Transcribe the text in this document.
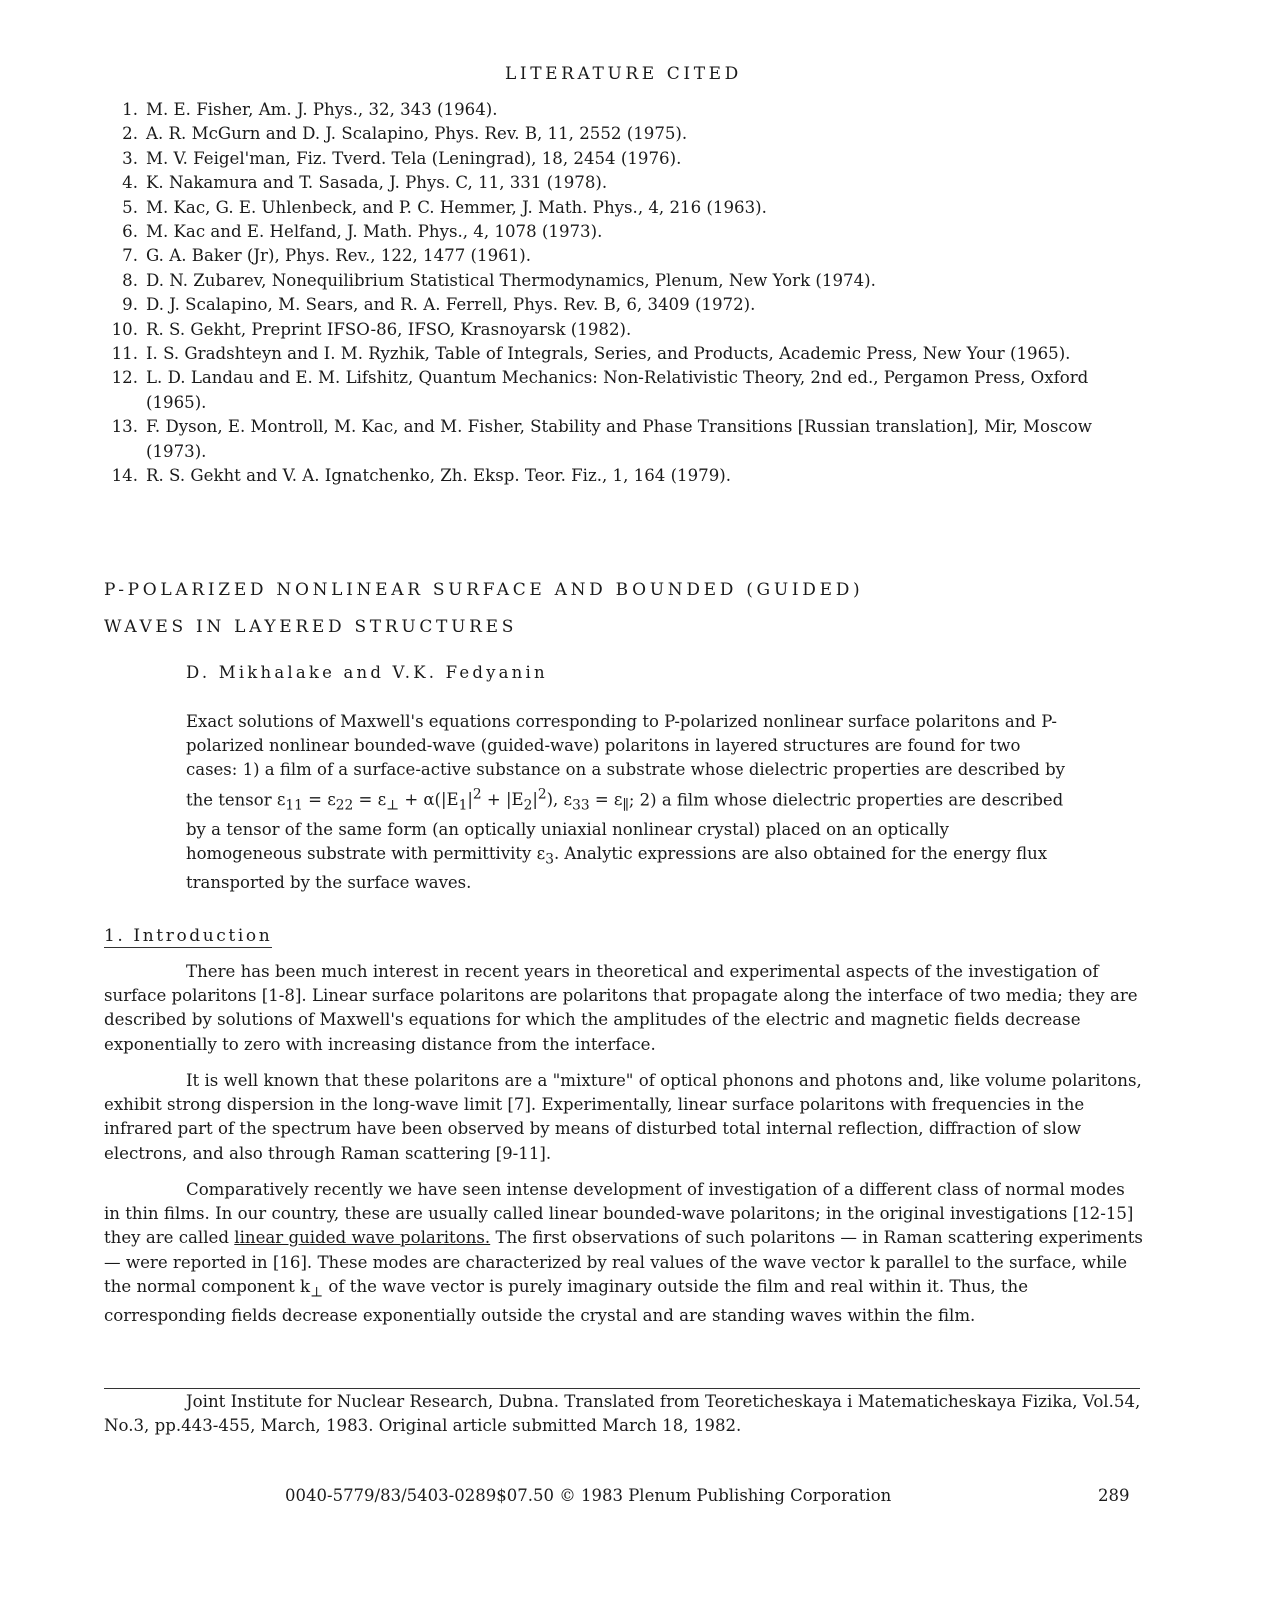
LITERATURE CITED
1. M. E. Fisher, Am. J. Phys., 32, 343 (1964).
2. A. R. McGurn and D. J. Scalapino, Phys. Rev. B, 11, 2552 (1975).
3. M. V. Feigel'man, Fiz. Tverd. Tela (Leningrad), 18, 2454 (1976).
4. K. Nakamura and T. Sasada, J. Phys. C, 11, 331 (1978).
5. M. Kac, G. E. Uhlenbeck, and P. C. Hemmer, J. Math. Phys., 4, 216 (1963).
6. M. Kac and E. Helfand, J. Math. Phys., 4, 1078 (1973).
7. G. A. Baker (Jr), Phys. Rev., 122, 1477 (1961).
8. D. N. Zubarev, Nonequilibrium Statistical Thermodynamics, Plenum, New York (1974).
9. D. J. Scalapino, M. Sears, and R. A. Ferrell, Phys. Rev. B, 6, 3409 (1972).
10. R. S. Gekht, Preprint IFSO-86, IFSO, Krasnoyarsk (1982).
11. I. S. Gradshteyn and I. M. Ryzhik, Table of Integrals, Series, and Products, Academic Press, New Your (1965).
12. L. D. Landau and E. M. Lifshitz, Quantum Mechanics: Non-Relativistic Theory, 2nd ed., Pergamon Press, Oxford (1965).
13. F. Dyson, E. Montroll, M. Kac, and M. Fisher, Stability and Phase Transitions [Russian translation], Mir, Moscow (1973).
14. R. S. Gekht and V. A. Ignatchenko, Zh. Eksp. Teor. Fiz., 1, 164 (1979).
P-POLARIZED NONLINEAR SURFACE AND BOUNDED (GUIDED)
WAVES IN LAYERED STRUCTURES
D. Mikhalake and V.K. Fedyanin

Exact solutions of Maxwell's equations corresponding to P-polarized nonlinear surface polaritons and P-polarized nonlinear bounded-wave (guided-wave) polaritons in layered structures are found for two cases: 1) a film of a surface-active substance on a substrate whose dielectric properties are described by the tensor $\varepsilon_{11} = \varepsilon_{22} = \varepsilon_\perp + \alpha(|E_1|^2 + |E_2|^2)$, $\varepsilon_{33} = \varepsilon_\parallel$; 2) a film whose dielectric properties are described by a tensor of the same form (an optically uniaxial nonlinear crystal) placed on an optically homogeneous substrate with permittivity $\varepsilon_3$. Analytic expressions are also obtained for the energy flux transported by the surface waves.

1. Introduction

There has been much interest in recent years in theoretical and experimental aspects of the investigation of surface polaritons [1-8]. Linear surface polaritons are polaritons that propagate along the interface of two media; they are described by solutions of Maxwell's equations for which the amplitudes of the electric and magnetic fields decrease exponentially to zero with increasing distance from the interface.

It is well known that these polaritons are a "mixture" of optical phonons and photons and, like volume polaritons, exhibit strong dispersion in the long-wave limit [7]. Experimentally, linear surface polaritons with frequencies in the infrared part of the spectrum have been observed by means of disturbed total internal reflection, diffraction of slow electrons, and also through Raman scattering [9-11].

Comparatively recently we have seen intense development of investigation of a different class of normal modes in thin films. In our country, these are usually called linear bounded-wave polaritons; in the original investigations [12-15] they are called linear guided wave polaritons. The first observations of such polaritons — in Raman scattering experiments — were reported in [16]. These modes are characterized by real values of the wave vector k parallel to the surface, while the normal component $k_\perp$ of the wave vector is purely imaginary outside the film and real within it. Thus, the corresponding fields decrease exponentially outside the crystal and are standing waves within the film.

Joint Institute for Nuclear Research, Dubna. Translated from Teoreticheskaya i Matematicheskaya Fizika, Vol.54, No.3, pp.443-455, March, 1983. Original article submitted March 18, 1982.

0040-5779/83/5403-0289$07.50 © 1983 Plenum Publishing Corporation	289
